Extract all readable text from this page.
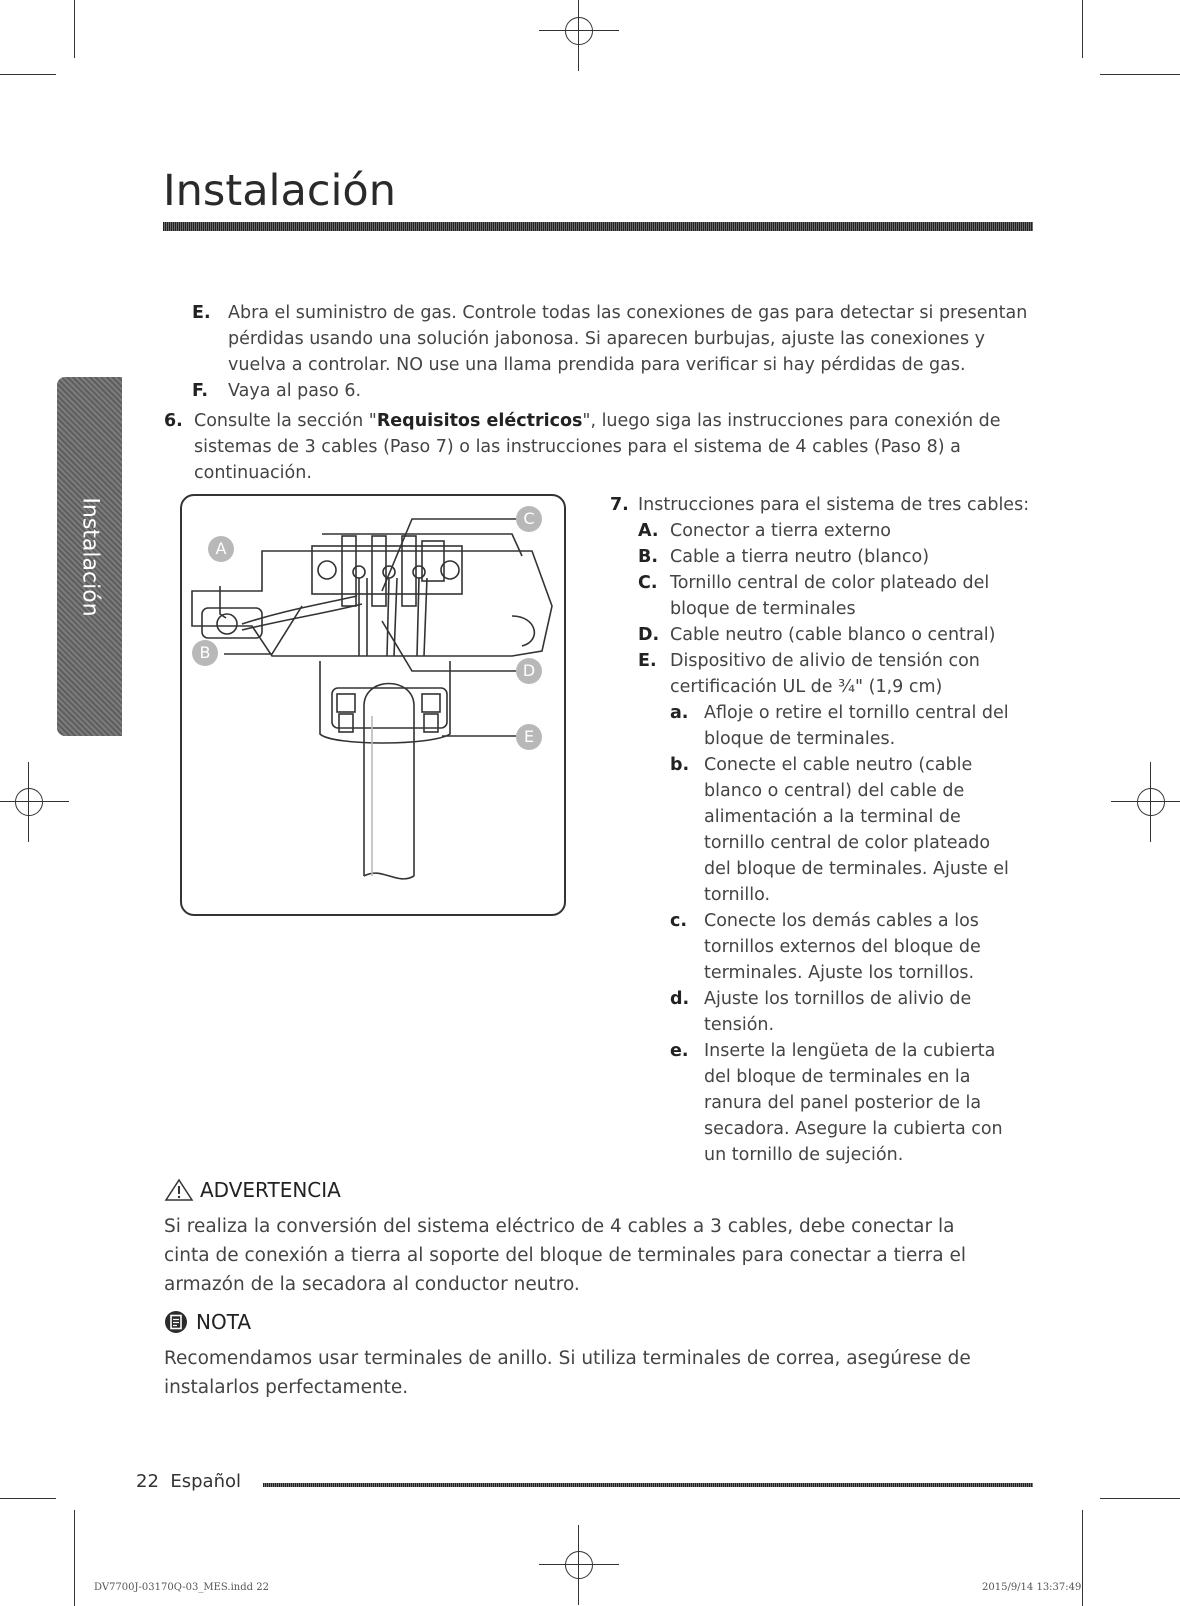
Instalación
Instalación
E. Abra el suministro de gas. Controle todas las conexiones de gas para detectar si presentan pérdidas usando una solución jabonosa. Si aparecen burbujas, ajuste las conexiones y vuelva a controlar. NO use una llama prendida para verificar si hay pérdidas de gas.
F.	Vaya al paso 6.
6. Consulte la sección "Requisitos eléctricos", luego siga las instrucciones para conexión de sistemas de 3 cables (Paso 7) o las instrucciones para el sistema de 4 cables (Paso 8) a continuación.
A
B
C
D
E
7. Instrucciones para el sistema de tres cables:
A. Conector a tierra externo
B. Cable a tierra neutro (blanco)
C. Tornillo central de color plateado del bloque de terminales
D. Cable neutro (cable blanco o central)
E. Dispositivo de alivio de tensión con certificación UL de ¾" (1,9 cm)
a. Afloje o retire el tornillo central del bloque de terminales.
b. Conecte el cable neutro (cable blanco o central) del cable de alimentación a la terminal de tornillo central de color plateado del bloque de terminales. Ajuste el tornillo.
c. Conecte los demás cables a los tornillos externos del bloque de terminales. Ajuste los tornillos.
d. Ajuste los tornillos de alivio de tensión.
e. Inserte la lengüeta de la cubierta del bloque de terminales en la ranura del panel posterior de la secadora. Asegure la cubierta con un tornillo de sujeción.
ADVERTENCIA
Si realiza la conversión del sistema eléctrico de 4 cables a 3 cables, debe conectar la cinta de conexión a tierra al soporte del bloque de terminales para conectar a tierra el armazón de la secadora al conductor neutro.
NOTA
Recomendamos usar terminales de anillo. Si utiliza terminales de correa, asegúrese de instalarlos perfectamente.
22 Español
DV7700J-03170Q-03_MES.indd 22	2015/9/14 13:37:49
